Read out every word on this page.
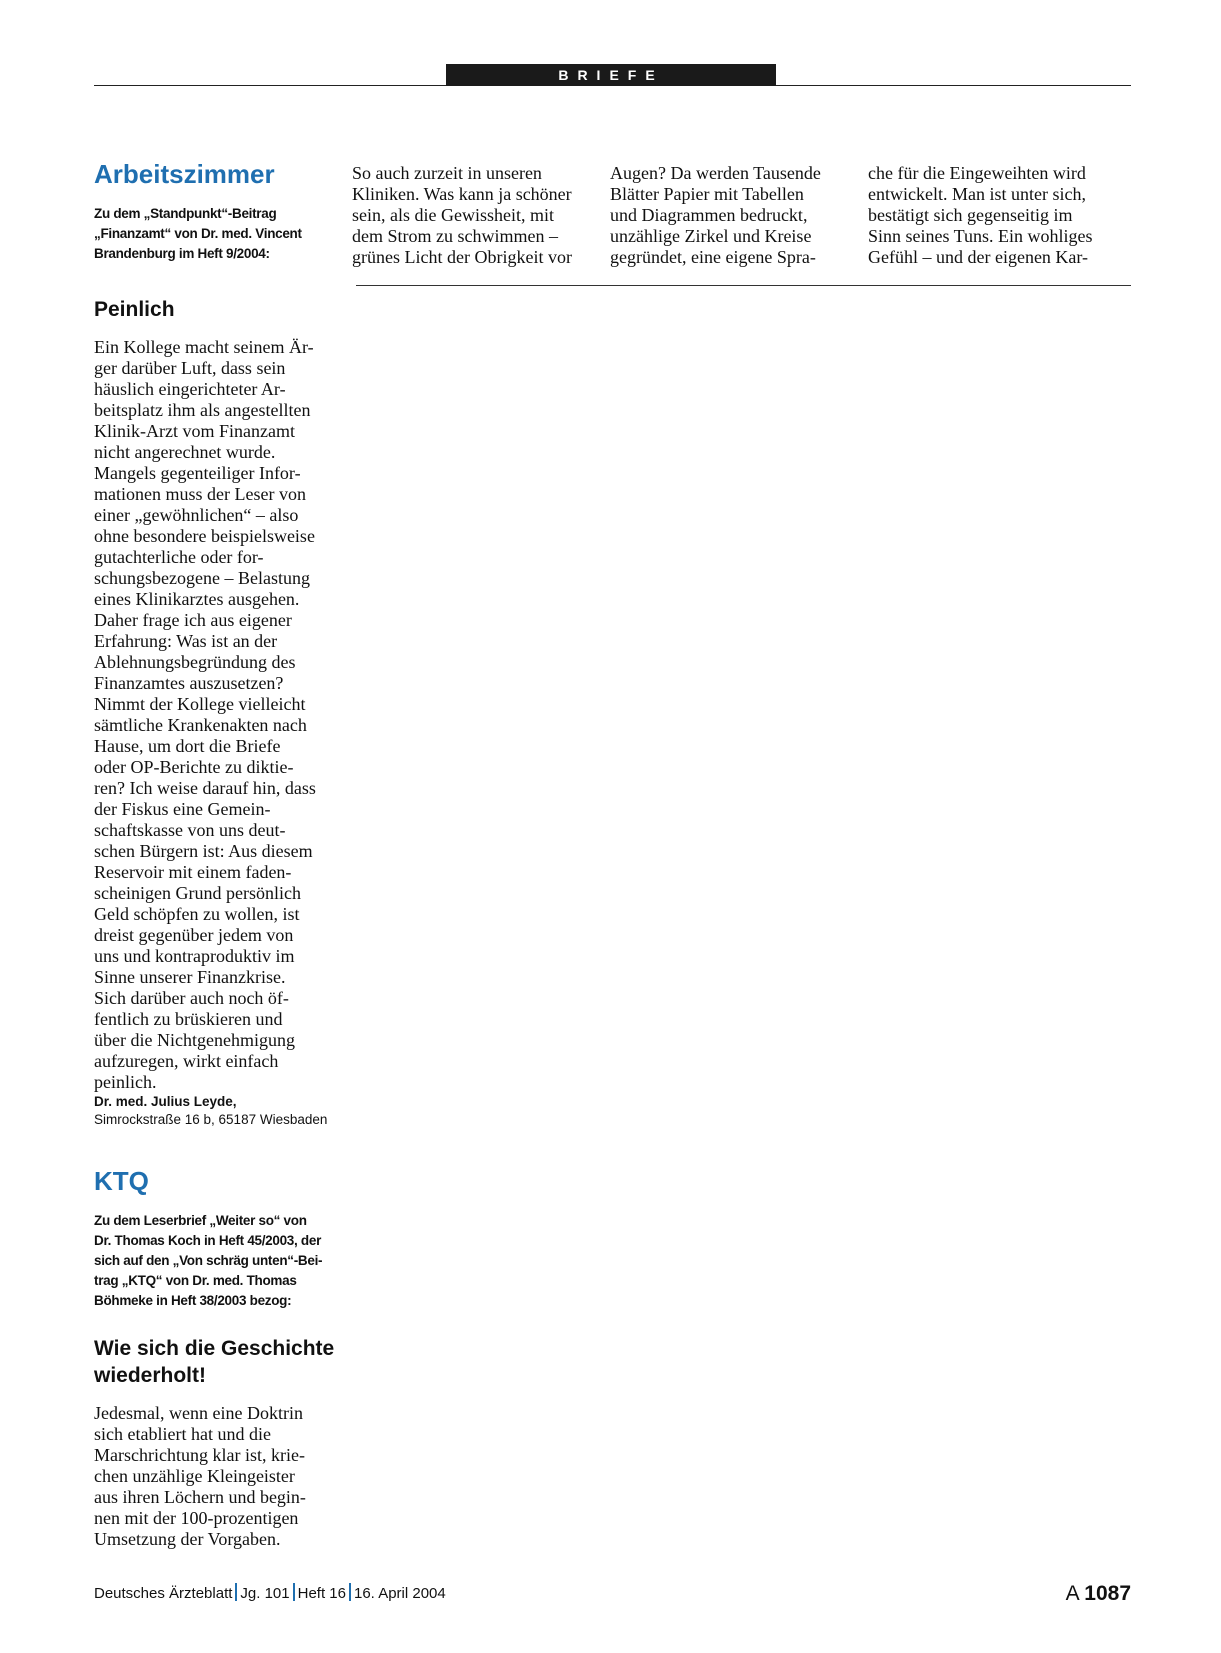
BRIEFE
Arbeitszimmer
Zu dem „Standpunkt“-Beitrag
„Finanzamt“ von Dr. med. Vincent
Brandenburg im Heft 9/2004:
Peinlich
Ein Kollege macht seinem Är-
ger darüber Luft, dass sein
häuslich eingerichteter Ar-
beitsplatz ihm als angestellten
Klinik-Arzt vom Finanzamt
nicht angerechnet wurde.
Mangels gegenteiliger Infor-
mationen muss der Leser von
einer „gewöhnlichen“ – also
ohne besondere beispielsweise
gutachterliche oder for-
schungsbezogene – Belastung
eines Klinikarztes ausgehen.
Daher frage ich aus eigener
Erfahrung: Was ist an der
Ablehnungsbegründung des
Finanzamtes auszusetzen?
Nimmt der Kollege vielleicht
sämtliche Krankenakten nach
Hause, um dort die Briefe
oder OP-Berichte zu diktie-
ren? Ich weise darauf hin, dass
der Fiskus eine Gemein-
schaftskasse von uns deut-
schen Bürgern ist: Aus diesem
Reservoir mit einem faden-
scheinigen Grund persönlich
Geld schöpfen zu wollen, ist
dreist gegenüber jedem von
uns und kontraproduktiv im
Sinne unserer Finanzkrise.
Sich darüber auch noch öf-
fentlich zu brüskieren und
über die Nichtgenehmigung
aufzuregen, wirkt einfach
peinlich.
Dr. med. Julius Leyde,
Simrockstraße 16 b, 65187 Wiesbaden
KTQ
Zu dem Leserbrief „Weiter so“ von
Dr. Thomas Koch in Heft 45/2003, der
sich auf den „Von schräg unten“-Bei-
trag „KTQ“ von Dr. med. Thomas
Böhmeke in Heft 38/2003 bezog:
Wie sich die Geschichte
wiederholt!
Jedesmal, wenn eine Doktrin
sich etabliert hat und die
Marschrichtung klar ist, krie-
chen unzählige Kleingeister
aus ihren Löchern und begin-
nen mit der 100-prozentigen
Umsetzung der Vorgaben.
So auch zurzeit in unseren
Kliniken. Was kann ja schöner
sein, als die Gewissheit, mit
dem Strom zu schwimmen –
grünes Licht der Obrigkeit vor
Augen? Da werden Tausende
Blätter Papier mit Tabellen
und Diagrammen bedruckt,
unzählige Zirkel und Kreise
gegründet, eine eigene Spra-
che für die Eingeweihten wird
entwickelt. Man ist unter sich,
bestätigt sich gegenseitig im
Sinn seines Tuns. Ein wohliges
Gefühl – und der eigenen Kar-
Deutsches Ärzteblatt Jg. 101 Heft 16 16. April 2004	A 1087
